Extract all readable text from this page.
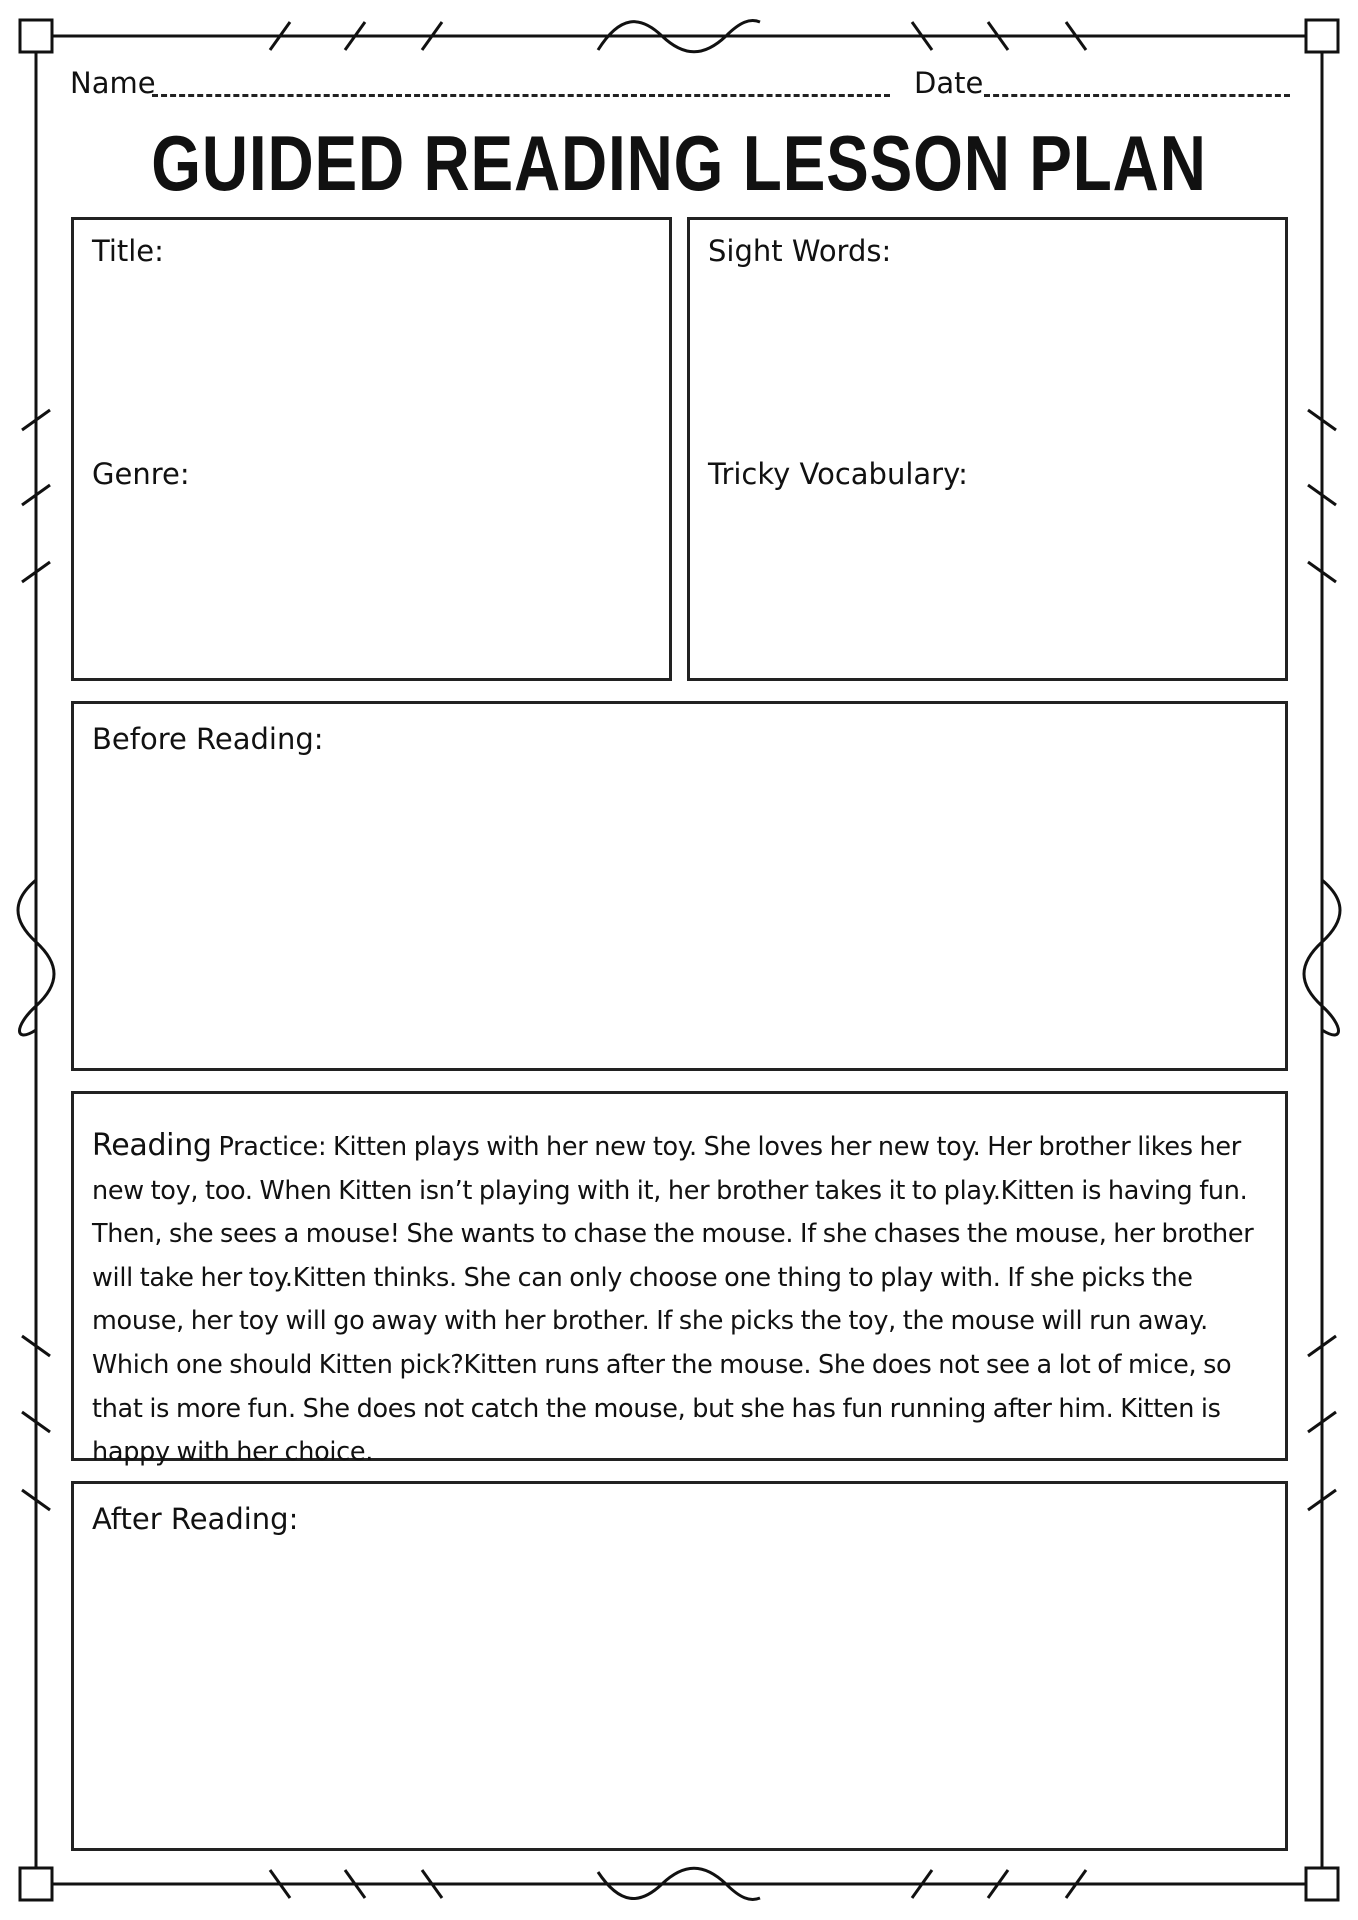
Name	Date
GUIDED READING LESSON PLAN
Title:
Genre:
Sight Words:
Tricky Vocabulary:
Before Reading:
Reading Practice: Kitten plays with her new toy. She loves her new toy. Her brother likes her new toy, too. When Kitten isn’t playing with it, her brother takes it to play.Kitten is having fun. Then, she sees a mouse! She wants to chase the mouse. If she chases the mouse, her brother will take her toy.Kitten thinks. She can only choose one thing to play with. If she picks the mouse, her toy will go away with her brother. If she picks the toy, the mouse will run away. Which one should Kitten pick?Kitten runs after the mouse. She does not see a lot of mice, so that is more fun. She does not catch the mouse, but she has fun running after him. Kitten is happy with her choice.
After Reading:
